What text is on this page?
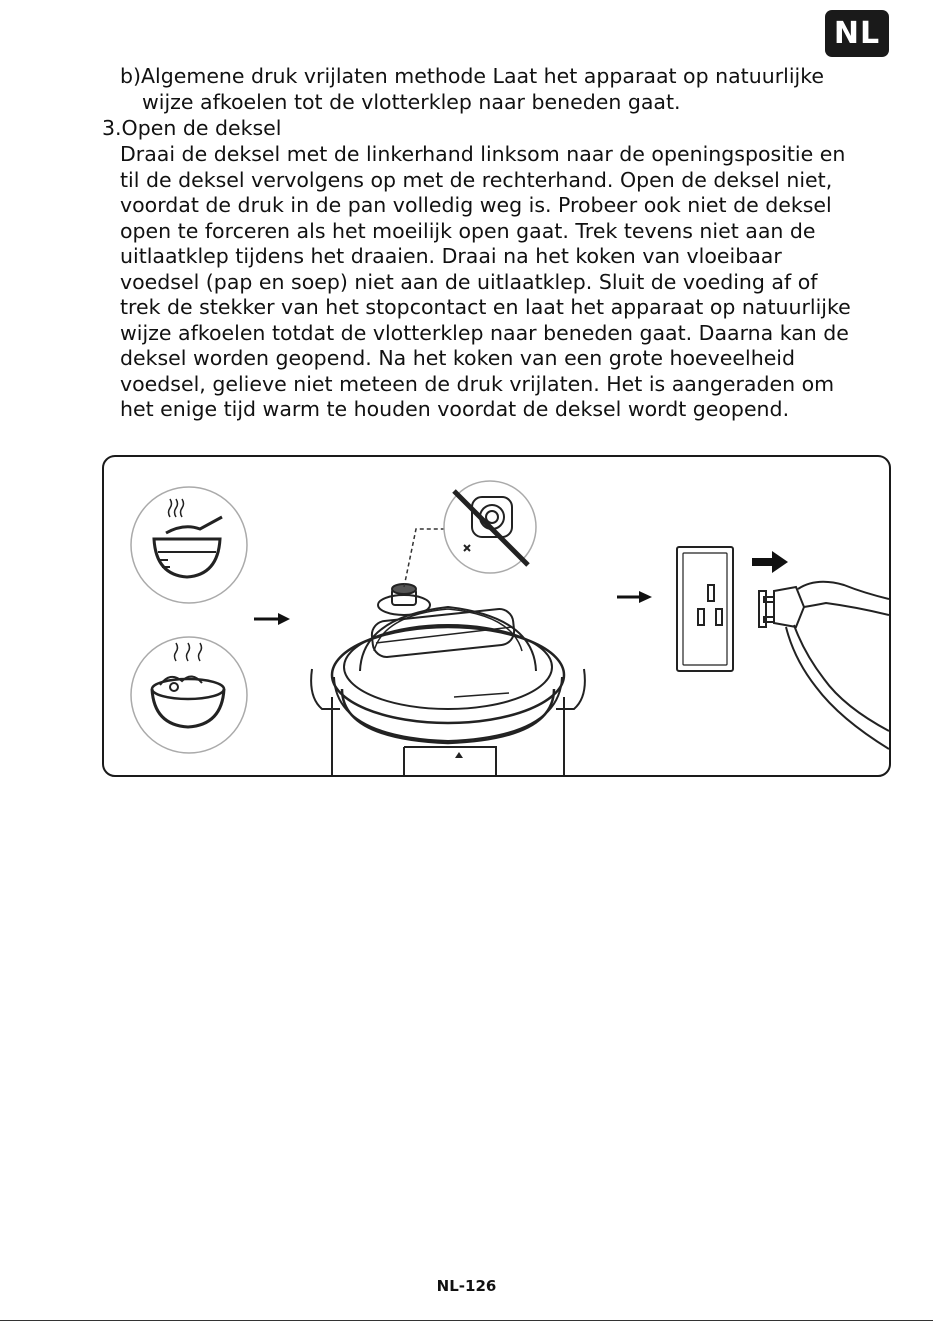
NL
b)Algemene druk vrijlaten methode Laat het apparaat op natuurlijke
wijze afkoelen tot de vlotterklep naar beneden gaat.
3.Open de deksel
Draai de deksel met de linkerhand linksom naar de openingspositie en
til de deksel vervolgens op met de rechterhand. Open de deksel niet,
voordat de druk in de pan volledig weg is. Probeer ook niet de deksel
open te forceren als het moeilijk open gaat. Trek tevens niet aan de
uitlaatklep tijdens het draaien. Draai na het koken van vloeibaar
voedsel (pap en soep) niet aan de uitlaatklep. Sluit de voeding af of
trek de stekker van het stopcontact en laat het apparaat op natuurlijke
wijze afkoelen totdat de vlotterklep naar beneden gaat. Daarna kan de
deksel worden geopend. Na het koken van een grote hoeveelheid
voedsel, gelieve niet meteen de druk vrijlaten. Het is aangeraden om
het enige tijd warm te houden voordat de deksel wordt geopend.
NL-126
